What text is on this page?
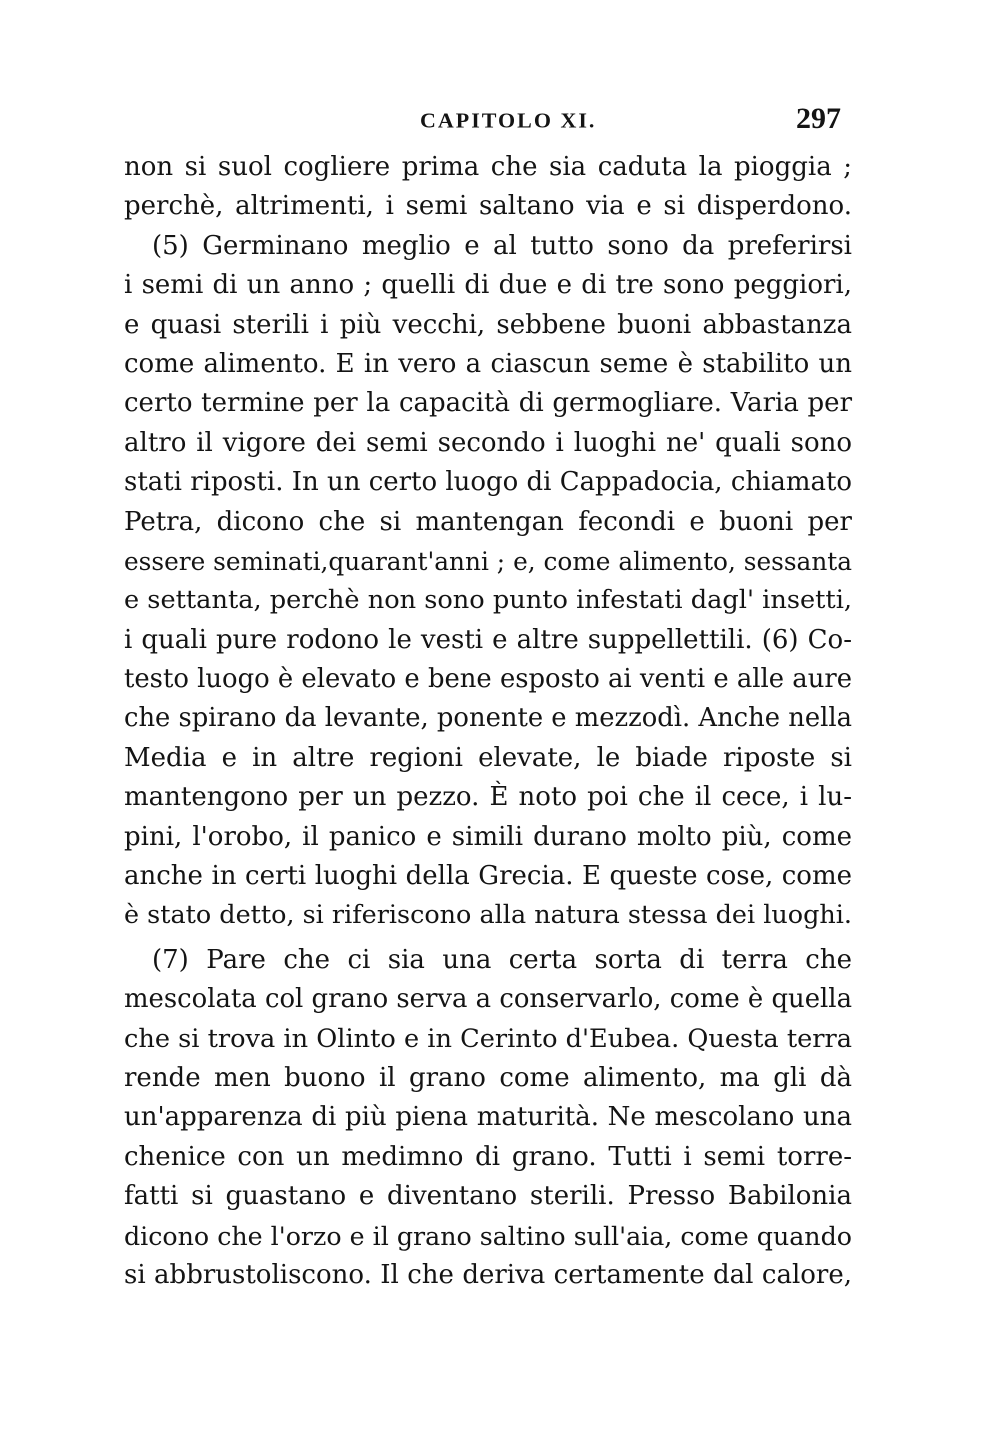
CAPITOLO XI.	297
non si suol cogliere prima che sia caduta la pioggia ;
perchè, altrimenti, i semi saltano via e si disperdono.
(5) Germinano meglio e al tutto sono da preferirsi
i semi di un anno ; quelli di due e di tre sono peggiori,
e quasi sterili i più vecchi, sebbene buoni abbastanza
come alimento. E in vero a ciascun seme è stabilito un
certo termine per la capacità di germogliare. Varia per
altro il vigore dei semi secondo i luoghi ne' quali sono
stati riposti. In un certo luogo di Cappadocia, chiamato
Petra, dicono che si mantengan fecondi e buoni per
essere seminati,quarant'anni ; e, come alimento, sessanta
e settanta, perchè non sono punto infestati dagl' insetti,
i quali pure rodono le vesti e altre suppellettili. (6) Co-
testo luogo è elevato e bene esposto ai venti e alle aure
che spirano da levante, ponente e mezzodì. Anche nella
Media e in altre regioni elevate, le biade riposte si
mantengono per un pezzo. È noto poi che il cece, i lu-
pini, l'orobo, il panico e simili durano molto più, come
anche in certi luoghi della Grecia. E queste cose, come
è stato detto, si riferiscono alla natura stessa dei luoghi.
(7) Pare che ci sia una certa sorta di terra che
mescolata col grano serva a conservarlo, come è quella
che si trova in Olinto e in Cerinto d'Eubea. Questa terra
rende men buono il grano come alimento, ma gli dà
un'apparenza di più piena maturità. Ne mescolano una
chenice con un medimno di grano. Tutti i semi torre-
fatti si guastano e diventano sterili. Presso Babilonia
dicono che l'orzo e il grano saltino sull'aia, come quando
si abbrustoliscono. Il che deriva certamente dal calore,
